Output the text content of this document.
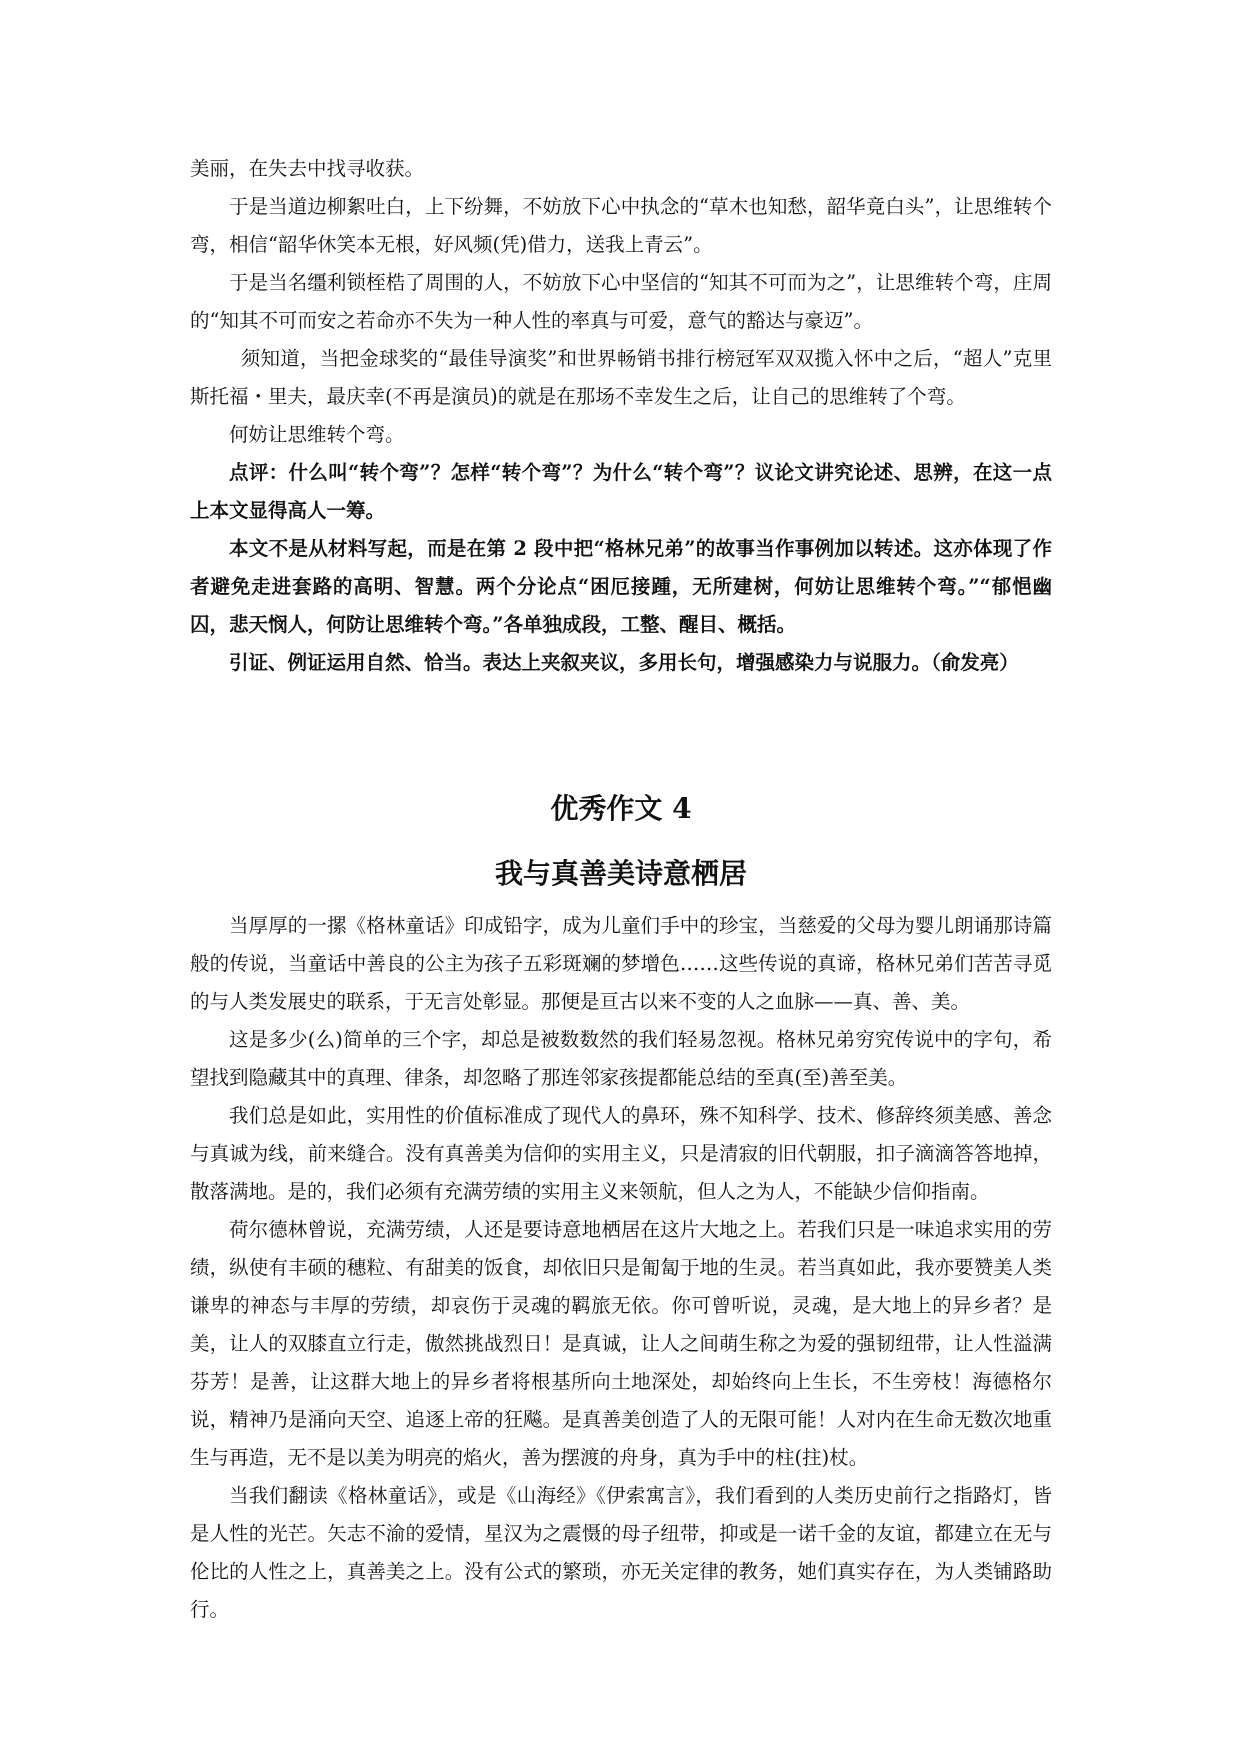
美丽，在失去中找寻收获。

于是当道边柳絮吐白，上下纷舞，不妨放下心中执念的“草木也知愁，韶华竟白头”，让思维转个弯，相信“韶华休笑本无根，好风频(凭)借力，送我上青云”。

于是当名缰利锁桎梏了周围的人，不妨放下心中坚信的“知其不可而为之”，让思维转个弯，庄周的“知其不可而安之若命亦不失为一种人性的率真与可爱，意气的豁达与豪迈”。

须知道，当把金球奖的“最佳导演奖”和世界畅销书排行榜冠军双双揽入怀中之后，“超人”克里斯托福・里夫，最庆幸(不再是演员)的就是在那场不幸发生之后，让自己的思维转了个弯。

何妨让思维转个弯。

点评：什么叫“转个弯”？怎样“转个弯”？为什么“转个弯”？议论文讲究论述、思辨，在这一点上本文显得高人一筹。

本文不是从材料写起，而是在第 2 段中把“格林兄弟”的故事当作事例加以转述。这亦体现了作者避免走进套路的高明、智慧。两个分论点“困厄接踵，无所建树，何妨让思维转个弯。”“郁悒幽囚，悲天悯人，何防让思维转个弯。”各单独成段，工整、醒目、概括。

引证、例证运用自然、恰当。表达上夹叙夹议，多用长句，增强感染力与说服力。（俞发亮）

优秀作文 4
我与真善美诗意栖居

当厚厚的一摞《格林童话》印成铅字，成为儿童们手中的珍宝，当慈爱的父母为婴儿朗诵那诗篇般的传说，当童话中善良的公主为孩子五彩斑斓的梦增色……这些传说的真谛，格林兄弟们苦苦寻觅的与人类发展史的联系，于无言处彰显。那便是亘古以来不变的人之血脉——真、善、美。

这是多少(么)简单的三个字，却总是被数数然的我们轻易忽视。格林兄弟穷究传说中的字句，希望找到隐藏其中的真理、律条，却忽略了那连邻家孩提都能总结的至真(至)善至美。

我们总是如此，实用性的价值标准成了现代人的鼻环，殊不知科学、技术、修辞终须美感、善念与真诚为线，前来缝合。没有真善美为信仰的实用主义，只是清寂的旧代朝服，扣子滴滴答答地掉，散落满地。是的，我们必须有充满劳绩的实用主义来领航，但人之为人，不能缺少信仰指南。

荷尔德林曾说，充满劳绩，人还是要诗意地栖居在这片大地之上。若我们只是一味追求实用的劳绩，纵使有丰硕的穗粒、有甜美的饭食，却依旧只是匍匐于地的生灵。若当真如此，我亦要赞美人类谦卑的神态与丰厚的劳绩，却哀伤于灵魂的羁旅无依。你可曾听说，灵魂，是大地上的异乡者？是美，让人的双膝直立行走，傲然挑战烈日！是真诚，让人之间萌生称之为爱的强韧纽带，让人性溢满芬芳！是善，让这群大地上的异乡者将根基所向土地深处，却始终向上生长，不生旁枝！海德格尔说，精神乃是涌向天空、追逐上帝的狂飚。是真善美创造了人的无限可能！人对内在生命无数次地重生与再造，无不是以美为明亮的焰火，善为摆渡的舟身，真为手中的柱(拄)杖。

当我们翻读《格林童话》，或是《山海经》《伊索寓言》，我们看到的人类历史前行之指路灯，皆是人性的光芒。矢志不渝的爱情，星汉为之震慑的母子纽带，抑或是一诺千金的友谊，都建立在无与伦比的人性之上，真善美之上。没有公式的繁琐，亦无关定律的教务，她们真实存在，为人类铺路助行。
